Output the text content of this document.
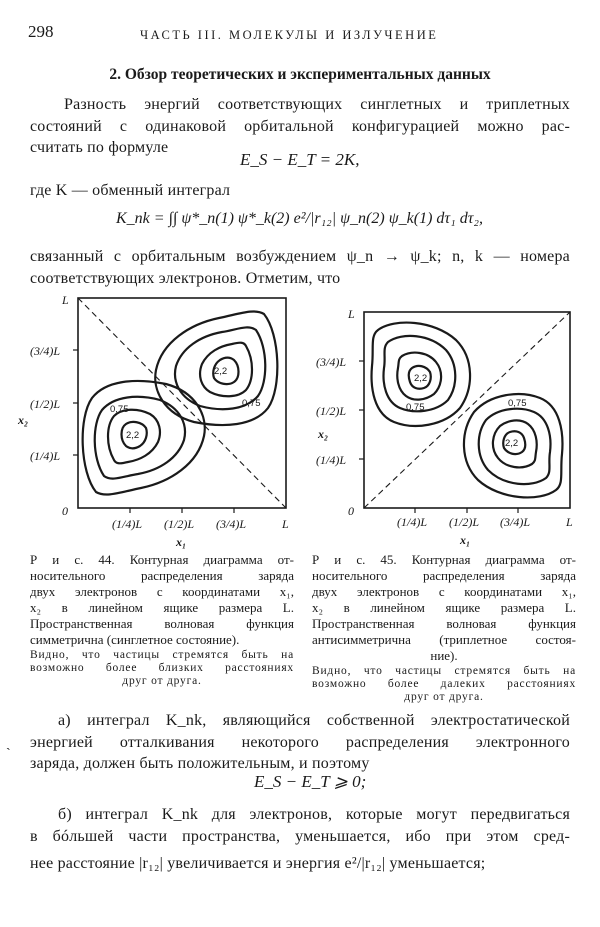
298	ЧАСТЬ III. МОЛЕКУЛЫ И ИЗЛУЧЕНИЕ
2. Обзор теоретических и экспериментальных данных
Разность энергий соответствующих синглетных и триплетных
состояний с одинаковой орбитальной конфигурацией можно рас-
считать по формуле
E_S − E_T = 2K,
где K — обменный интеграл
K_nk = ∫∫ ψ*_n(1) ψ*_k(2) e²/|r₁₂| ψ_n(2) ψ_k(1) dτ₁ dτ₂,
связанный с орбитальным возбуждением ψ_n → ψ_k; n, k — номера
соответствующих электронов. Отметим, что
0
(1/4)L
(1/2)L
(3/4)L
L
(1/4)L (1/2)L (3/4)L	L
x₁
x₂
0,75
0,75
2,2
2,2
0
(1/4)L
(1/2)L
(3/4)L
L
(1/4)L (1/2)L (3/4)L	L
x₁
x₂
0,75	0,75
2,2
2,2
Р и с. 44. Контурная диаграмма от-
носительного распределения заряда
двух электронов с координатами x₁,
x₂ в линейном ящике размера L.
Пространственная волновая функция
симметрична (синглетное состояние).
Видно, что частицы стремятся быть на
возможно более близких расстояниях
друг от друга.
Р и с. 45. Контурная диаграмма от-
носительного распределения заряда
двух электронов с координатами x₁,
x₂ в линейном ящике размера L.
Пространственная волновая функция
антисимметрична (триплетное состоя-
ние).
Видно, что частицы стремятся быть на
возможно более далеких расстояниях
друг от друга.
ˏ
а) интеграл K_nk, являющийся собственной электростатической
энергией отталкивания некоторого распределения электронного
заряда, должен быть положительным, и поэтому
E_S − E_T ⩾ 0;
б) интеграл K_nk для электронов, которые могут передвигаться
в бóльшей части пространства, уменьшается, ибо при этом сред-
нее расстояние |r₁₂| увеличивается и энергия e²/|r₁₂| уменьшается;
